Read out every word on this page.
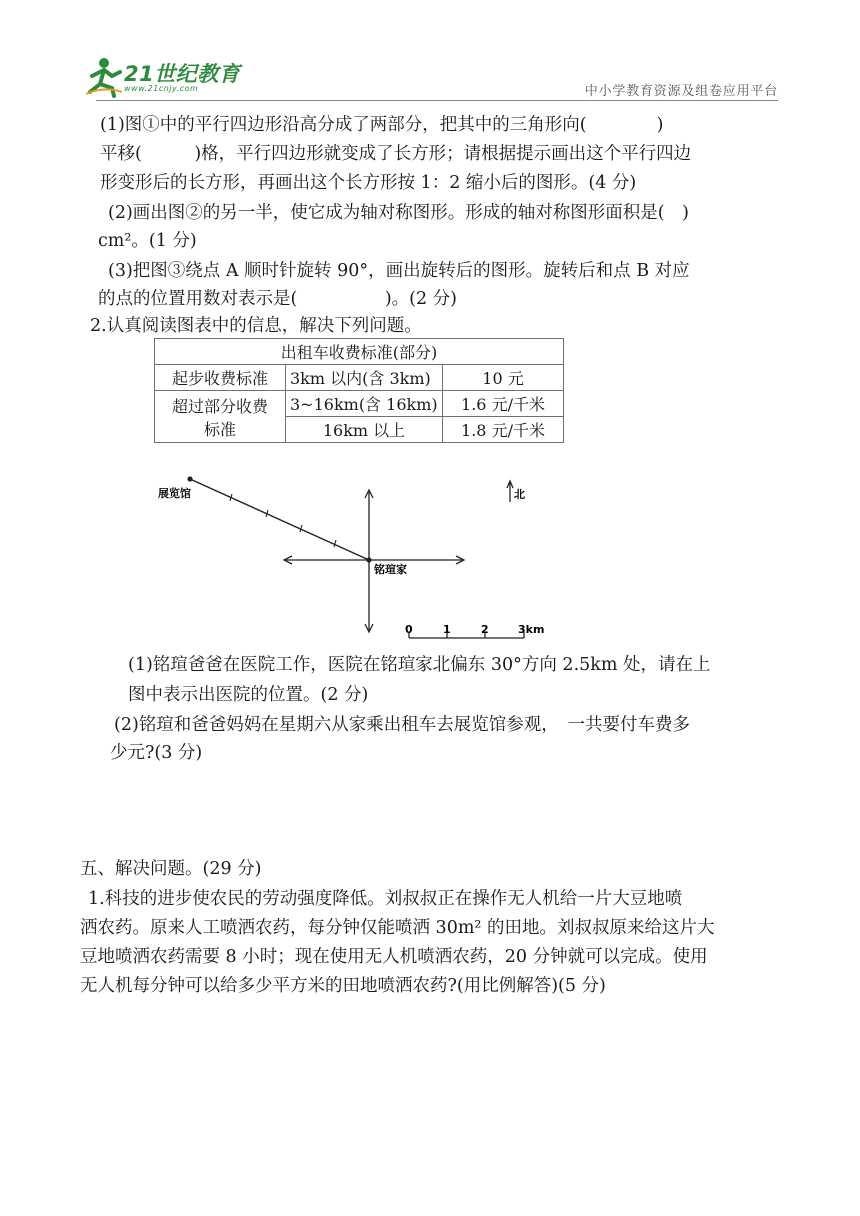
21世纪教育
www.21cnjy.com	中小学教育资源及组卷应用平台
(1)图①中的平行四边形沿高分成了两部分，把其中的三角形向(　　　　)
平移(　　　)格，平行四边形就变成了长方形；请根据提示画出这个平行四边
形变形后的长方形，再画出这个长方形按 1：2 缩小后的图形。(4 分)
(2)画出图②的另一半，使它成为轴对称图形。形成的轴对称图形面积是(　)
cm²。(1 分)
(3)把图③绕点 A 顺时针旋转 90°，画出旋转后的图形。旋转后和点 B 对应
的点的位置用数对表示是(　　　　　)。(2 分)
2.认真阅读图表中的信息，解决下列问题。
出租车收费标准(部分)		
起步收费标准	3km 以内(含 3km)	10 元

超过部分收费
标准	3~16km(含 16km)	1.6 元/千米
	16km 以上	1.8 元/千米
展览馆
铭瑄家
北
0	1	2	3km
(1)铭瑄爸爸在医院工作，医院在铭瑄家北偏东 30°方向 2.5km 处，请在上
图中表示出医院的位置。(2 分)
(2)铭瑄和爸爸妈妈在星期六从家乘出租车去展览馆参观，　一共要付车费多
少元?(3 分)
五、解决问题。(29 分)
1.科技的进步使农民的劳动强度降低。刘叔叔正在操作无人机给一片大豆地喷
洒农药。原来人工喷洒农药，每分钟仅能喷洒 30m² 的田地。刘叔叔原来给这片大
豆地喷洒农药需要 8 小时；现在使用无人机喷洒农药，20 分钟就可以完成。使用
无人机每分钟可以给多少平方米的田地喷洒农药?(用比例解答)(5 分)
